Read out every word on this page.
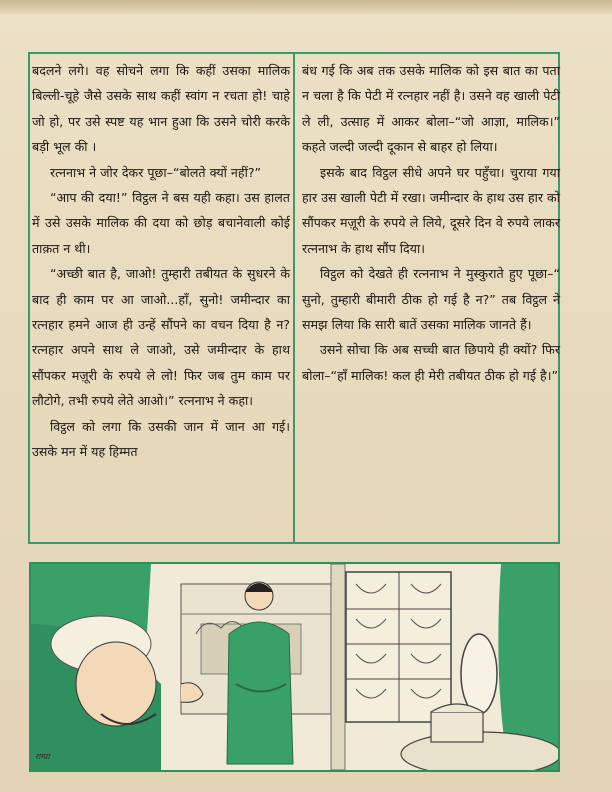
बदलने लगे। वह सोचने लगा कि कहीं उसका मालिक बिल्ली-चूहे जैसे उसके साथ कहीं स्वांग न रचता हो! चाहे जो हो, पर उसे स्पष्ट यह भान हुआ कि उसने चोरी करके बड़ी भूल की ।

रत्ननाभ ने जोर देकर पूछा–“बोलते क्यों नहीं?”

“आप की दया!” विट्ठल ने बस यही कहा। उस हालत में उसे उसके मालिक की दया को छोड़ बचानेवाली कोई ताक़त न थी।

“अच्छी बात है, जाओ! तुम्हारी तबीयत के सुधरने के बाद ही काम पर आ जाओ...हाँ, सुनो! जमीन्दार का रत्नहार हमने आज ही उन्हें सौंपने का वचन दिया है न? रत्नहार अपने साथ ले जाओ, उसे जमीन्दार के हाथ सौंपकर मज़ूरी के रुपये ले लो! फिर जब तुम काम पर लौटोगे, तभी रुपये लेते आओ।” रत्ननाभ ने कहा।

विट्ठल को लगा कि उसकी जान में जान आ गई। उसके मन में यह हिम्मत

बंध गई कि अब तक उसके मालिक को इस बात का पता न चला है कि पेटी में रत्नहार नहीं है। उसने वह खाली पेटी ले ली, उत्साह में आकर बोला–“जो आज्ञा, मालिक।” कहते जल्दी जल्दी दूकान से बाहर हो लिया।

इसके बाद विट्ठल सीधे अपने घर पहुँचा। चुराया गया हार उस खाली पेटी में रखा। जमीन्दार के हाथ उस हार को सौंपकर मज़ूरी के रुपये ले लिये, दूसरे दिन वे रुपये लाकर रत्ननाभ के हाथ सौंप दिया।

विट्ठल को देखते ही रत्ननाभ ने मुस्कुराते हुए पूछा–“ सुनो, तुम्हारी बीमारी ठीक हो गई है न?” तब विट्ठल ने समझ लिया कि सारी बातें उसका मालिक जानते हैं।

उसने सोचा कि अब सच्ची बात छिपाये ही क्यों? फिर बोला–“हाँ मालिक! कल ही मेरी तबीयत ठीक हो गई है।”

राम्प्रा
